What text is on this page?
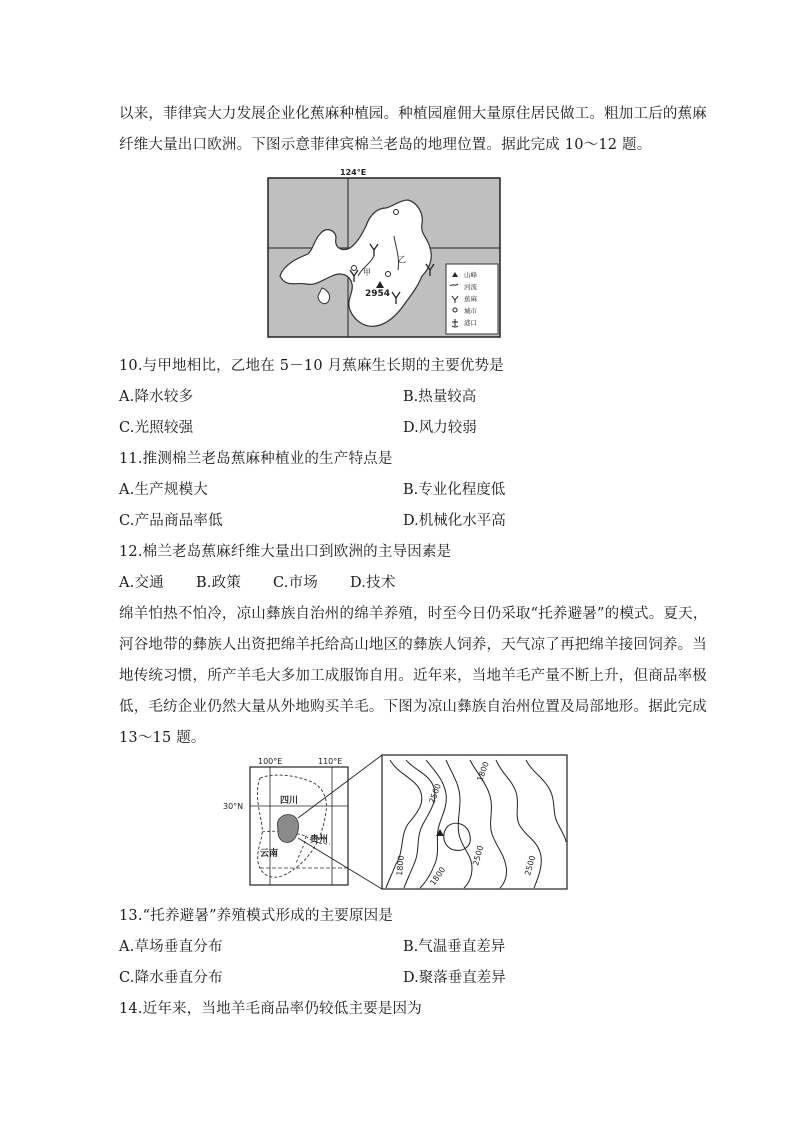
以来，菲律宾大力发展企业化蕉麻种植园。种植园雇佣大量原住居民做工。粗加工后的蕉麻
纤维大量出口欧洲。下图示意菲律宾棉兰老岛的地理位置。据此完成 10～12 题。
124°E
2954
甲
乙
山峰
河流
蕉麻
城市
港口
10.与甲地相比，乙地在 5－10 月蕉麻生长期的主要优势是
A.降水较多	B.热量较高
C.光照较强	D.风力较弱
11.推测棉兰老岛蕉麻种植业的生产特点是
A.生产规模大	B.专业化程度低
C.产品商品率低	D.机械化水平高
12.棉兰老岛蕉麻纤维大量出口到欧洲的主导因素是
A.交通 B.政策 C.市场 D.技术
绵羊怕热不怕冷，凉山彝族自治州的绵羊养殖，时至今日仍采取“托养避暑”的模式。夏天，
河谷地带的彝族人出资把绵羊托给高山地区的彝族人饲养，天气凉了再把绵羊接回饲养。当
地传统习惯，所产羊毛大多加工成服饰自用。近年来，当地羊毛产量不断上升，但商品率极
低，毛纺企业仍然大量从外地购买羊毛。下图为凉山彝族自治州位置及局部地形。据此完成
13～15 题。
100°E	110°E
30°N
四川
贵州
云南
2500
1800
2500	2500
1800	1800
13.“托养避暑”养殖模式形成的主要原因是
A.草场垂直分布	B.气温垂直差异
C.降水垂直分布	D.聚落垂直差异
14.近年来，当地羊毛商品率仍较低主要是因为
